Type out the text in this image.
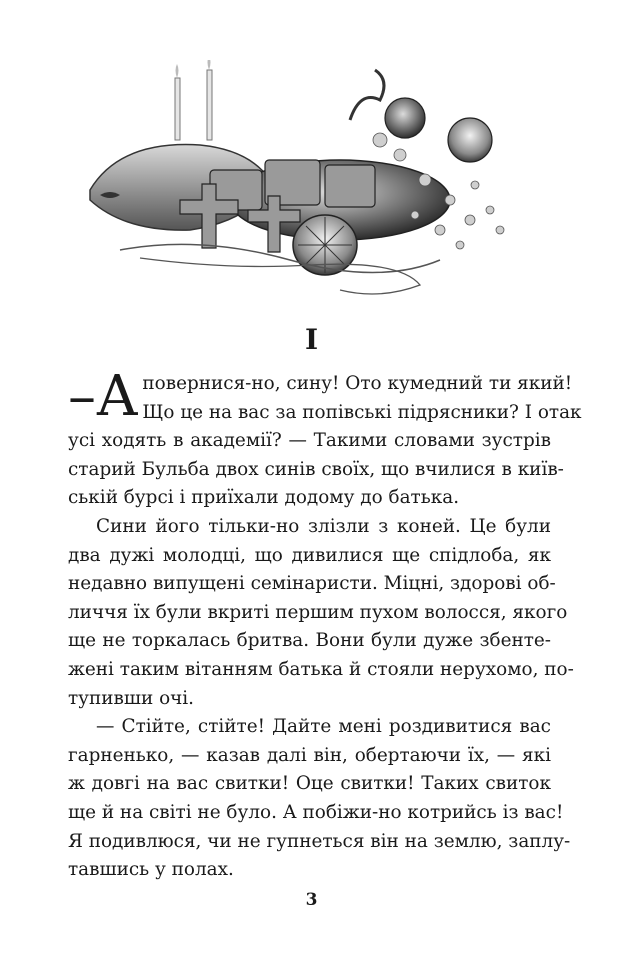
I

–А повернися-но, сину! Ото кумедний ти який!
Що це на вас за попівські підрясники? І отак
усі ходять в академії? — Такими словами зустрів
старий Бульба двох синів своїх, що вчилися в київ-
ській бурсі і приїхали додому до батька.

Сини його тільки-но злізли з коней. Це були
два дужі молодці, що дивилися ще спідлоба, як
недавно випущені семінаристи. Міцні, здорові об-
личчя їх були вкриті першим пухом волосся, якого
ще не торкалась бритва. Вони були дуже збенте-
жені таким вітанням батька й стояли нерухомо, по-
тупивши очі.

— Стійте, стійте! Дайте мені роздивитися вас
гарненько, — казав далі він, обертаючи їх, — які
ж довгі на вас свитки! Оце свитки! Таких свиток
ще й на світі не було. А побіжи-но котрийсь із вас!
Я подивлюся, чи не гупнеться він на землю, заплу-
тавшись у полах.

3
